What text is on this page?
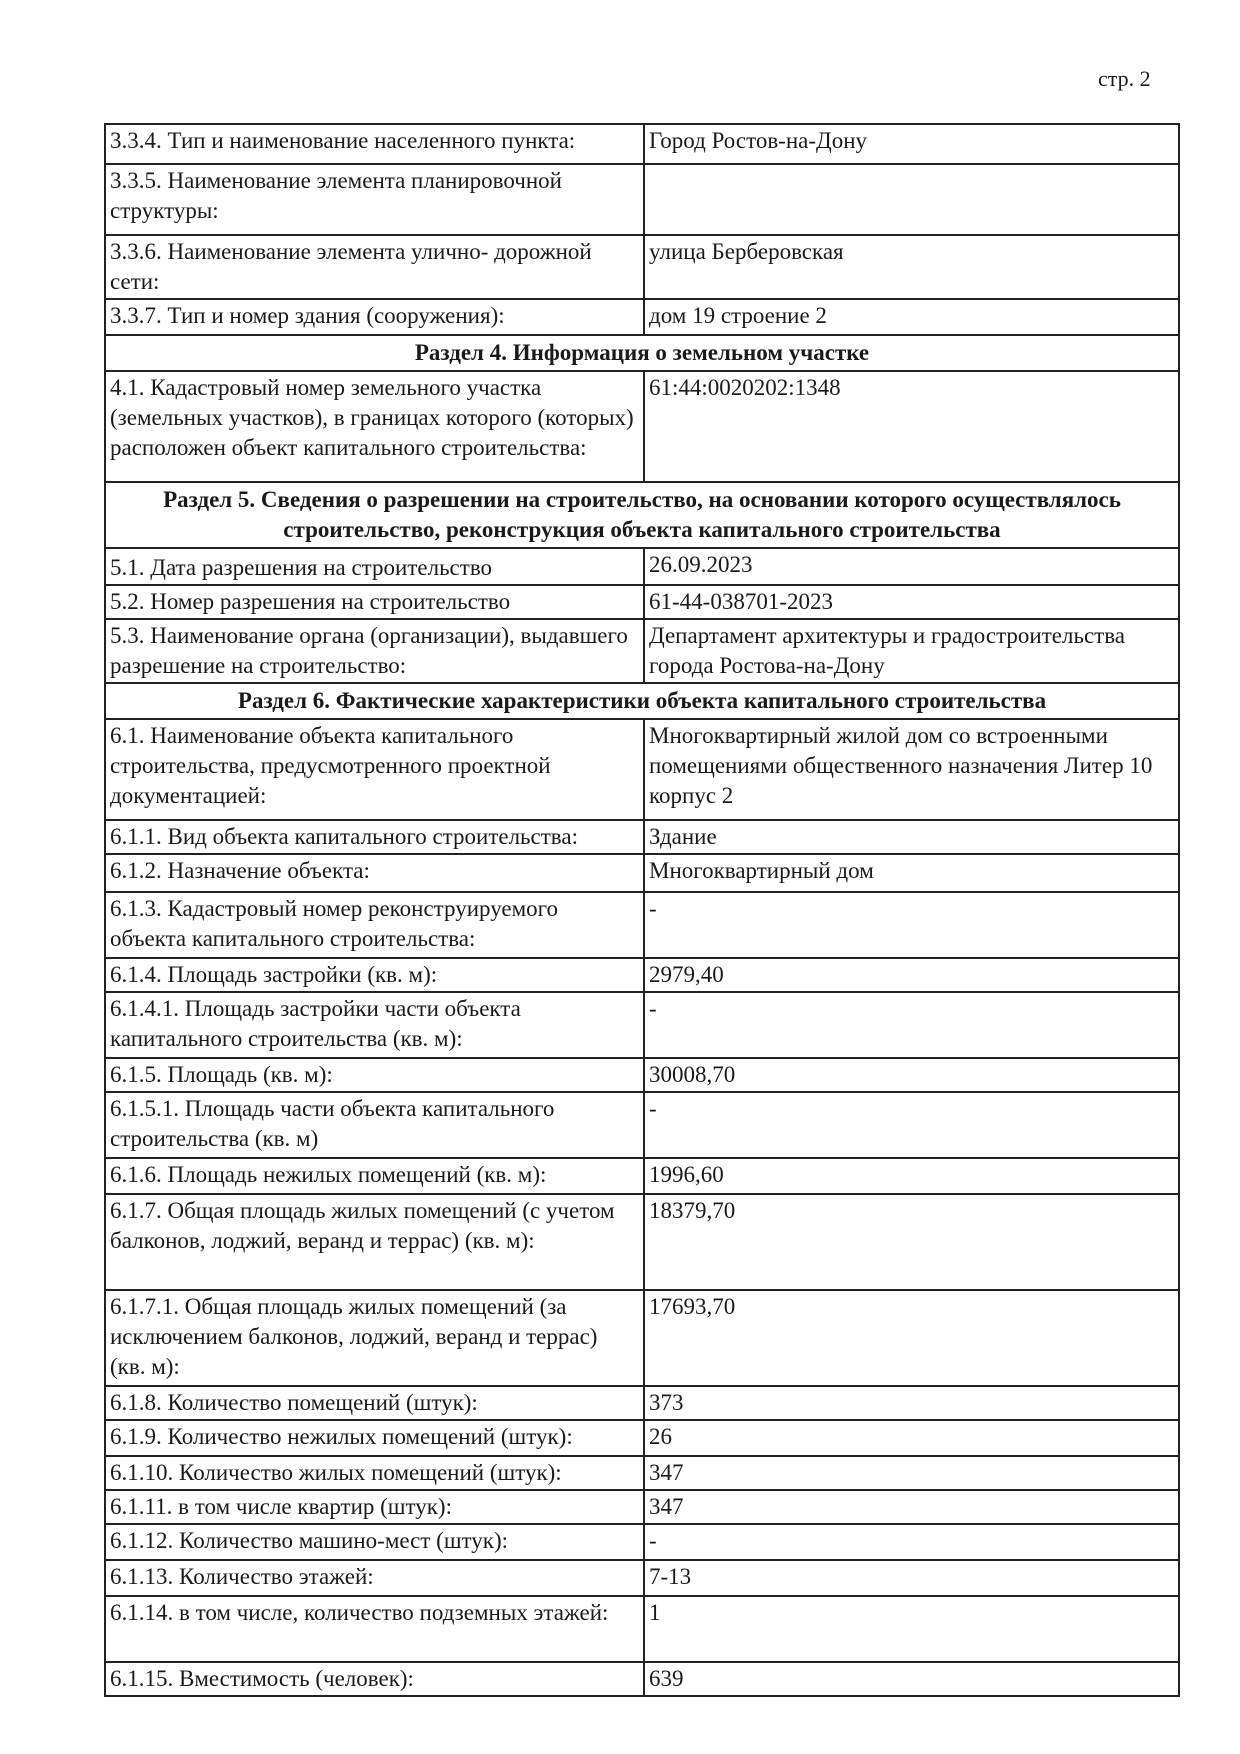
стр. 2
3.3.4. Тип и наименование населенного пункта:	Город Ростов-на-Дону
3.3.5. Наименование элемента планировочной структуры:	
3.3.6. Наименование элемента улично- дорожной сети:	улица Берберовская
3.3.7. Тип и номер здания (сооружения):	дом 19 строение 2
Раздел 4. Информация о земельном участке	
4.1. Кадастровый номер земельного участка (земельных участков), в границах которого (которых) расположен объект капитального строительства:	61:44:0020202:1348
Раздел 5. Сведения о разрешении на строительство, на основании которого осуществлялось строительство, реконструкция объекта капитального строительства	
5.1. Дата разрешения на строительство	26.09.2023
5.2. Номер разрешения на строительство	61-44-038701-2023
5.3. Наименование органа (организации), выдавшего разрешение на строительство:	Департамент архитектуры и градостроительства города Ростова-на-Дону
Раздел 6. Фактические характеристики объекта капитального строительства	
6.1. Наименование объекта капитального строительства, предусмотренного проектной документацией:	Многоквартирный жилой дом со встроенными помещениями общественного назначения Литер 10 корпус 2
6.1.1. Вид объекта капитального строительства:	Здание
6.1.2. Назначение объекта:	Многоквартирный дом
6.1.3. Кадастровый номер реконструируемого объекта капитального строительства:	-
6.1.4. Площадь застройки (кв. м):	2979,40
6.1.4.1. Площадь застройки части объекта капитального строительства (кв. м):	-
6.1.5. Площадь (кв. м):	30008,70
6.1.5.1. Площадь части объекта капитального строительства (кв. м)	-
6.1.6. Площадь нежилых помещений (кв. м):	1996,60
6.1.7. Общая площадь жилых помещений (с учетом балконов, лоджий, веранд и террас) (кв. м):	18379,70
6.1.7.1. Общая площадь жилых помещений (за исключением балконов, лоджий, веранд и террас) (кв. м):	17693,70
6.1.8. Количество помещений (штук):	373
6.1.9. Количество нежилых помещений (штук):	26
6.1.10. Количество жилых помещений (штук):	347
6.1.11. в том числе квартир (штук):	347
6.1.12. Количество машино-мест (штук):	-
6.1.13. Количество этажей:	7-13
6.1.14. в том числе, количество подземных этажей:	1
6.1.15. Вместимость (человек):	639
